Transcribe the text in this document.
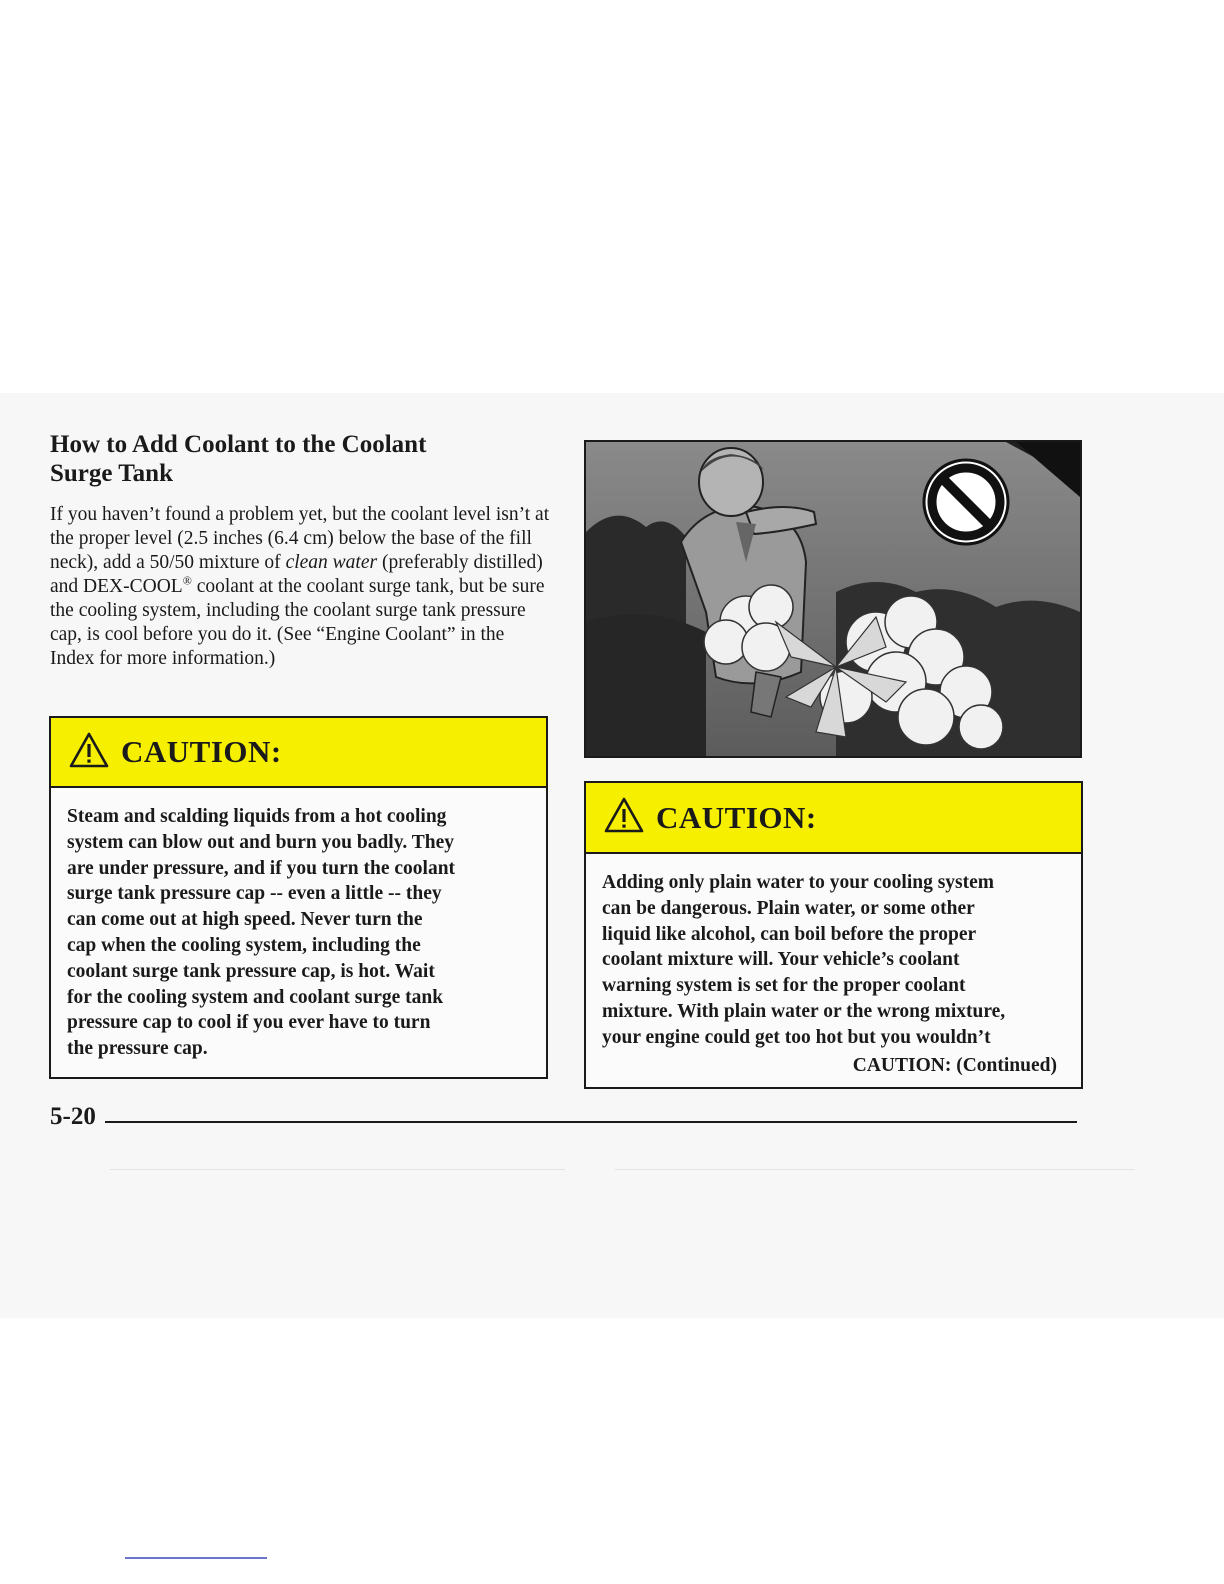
How to Add Coolant to the Coolant
Surge Tank
If you haven’t found a problem yet, but the coolant level isn’t at the proper level (2.5 inches (6.4 cm) below the base of the fill neck), add a 50/50 mixture of clean water (preferably distilled) and DEX-COOL® coolant at the coolant surge tank, but be sure the cooling system, including the coolant surge tank pressure cap, is cool before you do it. (See “Engine Coolant” in the Index for more information.)
CAUTION:
Steam and scalding liquids from a hot cooling
system can blow out and burn you badly. They
are under pressure, and if you turn the coolant
surge tank pressure cap -- even a little -- they
can come out at high speed. Never turn the
cap when the cooling system, including the
coolant surge tank pressure cap, is hot. Wait
for the cooling system and coolant surge tank
pressure cap to cool if you ever have to turn
the pressure cap.
CAUTION:
Adding only plain water to your cooling system
can be dangerous. Plain water, or some other
liquid like alcohol, can boil before the proper
coolant mixture will. Your vehicle’s coolant
warning system is set for the proper coolant
mixture. With plain water or the wrong mixture,
your engine could get too hot but you wouldn’t
CAUTION: (Continued)
5-20
